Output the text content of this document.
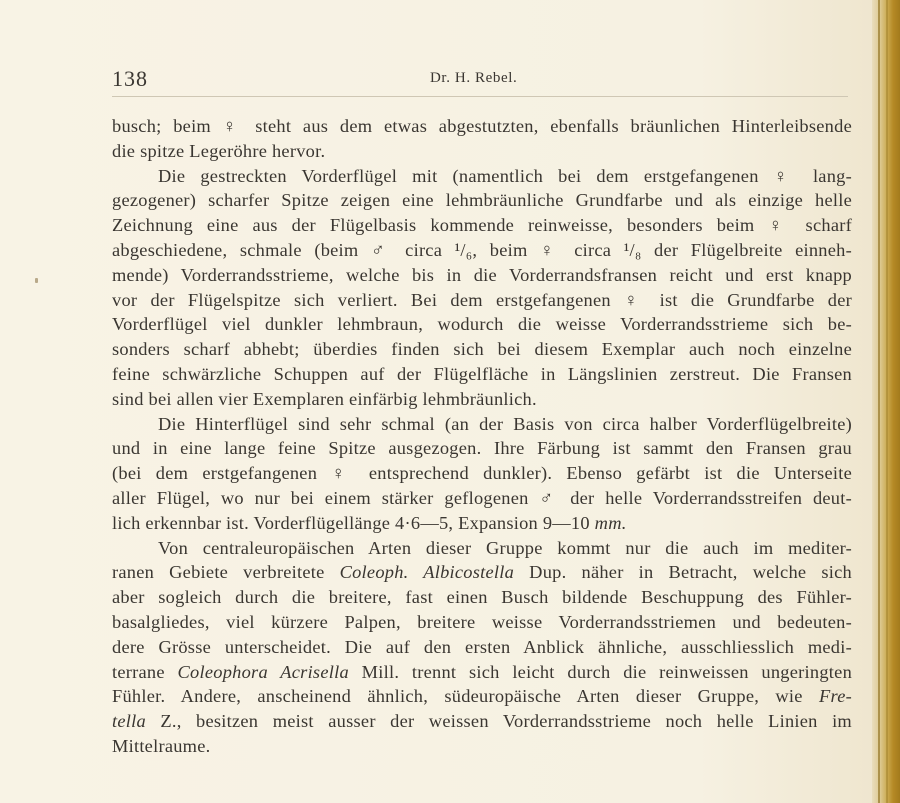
138	Dr. H. Rebel.
busch; beim ♀ steht aus dem etwas abgestutzten, ebenfalls bräunlichen Hinterleibsende
die spitze Legeröhre hervor.
Die gestreckten Vorderflügel mit (namentlich bei dem erstgefangenen ♀ lang-
gezogener) scharfer Spitze zeigen eine lehmbräunliche Grundfarbe und als einzige helle
Zeichnung eine aus der Flügelbasis kommende reinweisse, besonders beim ♀ scharf
abgeschiedene, schmale (beim ♂ circa ¹/₆, beim ♀ circa ¹/₈ der Flügelbreite einneh-
mende) Vorderrandsstrieme, welche bis in die Vorderrandsfransen reicht und erst knapp
vor der Flügelspitze sich verliert. Bei dem erstgefangenen ♀ ist die Grundfarbe der
Vorderflügel viel dunkler lehmbraun, wodurch die weisse Vorderrandsstrieme sich be-
sonders scharf abhebt; überdies finden sich bei diesem Exemplar auch noch einzelne
feine schwärzliche Schuppen auf der Flügelfläche in Längslinien zerstreut. Die Fransen
sind bei allen vier Exemplaren einfärbig lehmbräunlich.
Die Hinterflügel sind sehr schmal (an der Basis von circa halber Vorderflügelbreite)
und in eine lange feine Spitze ausgezogen. Ihre Färbung ist sammt den Fransen grau
(bei dem erstgefangenen ♀ entsprechend dunkler). Ebenso gefärbt ist die Unterseite
aller Flügel, wo nur bei einem stärker geflogenen ♂ der helle Vorderrandsstreifen deut-
lich erkennbar ist. Vorderflügellänge 4·6—5, Expansion 9—10 mm.
Von centraleuropäischen Arten dieser Gruppe kommt nur die auch im mediter-
ranen Gebiete verbreitete Coleoph. Albicostella Dup. näher in Betracht, welche sich
aber sogleich durch die breitere, fast einen Busch bildende Beschuppung des Fühler-
basalgliedes, viel kürzere Palpen, breitere weisse Vorderrandsstriemen und bedeuten-
dere Grösse unterscheidet. Die auf den ersten Anblick ähnliche, ausschliesslich medi-
terrane Coleophora Acrisella Mill. trennt sich leicht durch die reinweissen ungeringten
Fühler. Andere, anscheinend ähnlich, südeuropäische Arten dieser Gruppe, wie Fre-
tella Z., besitzen meist ausser der weissen Vorderrandsstrieme noch helle Linien im
Mittelraume.
